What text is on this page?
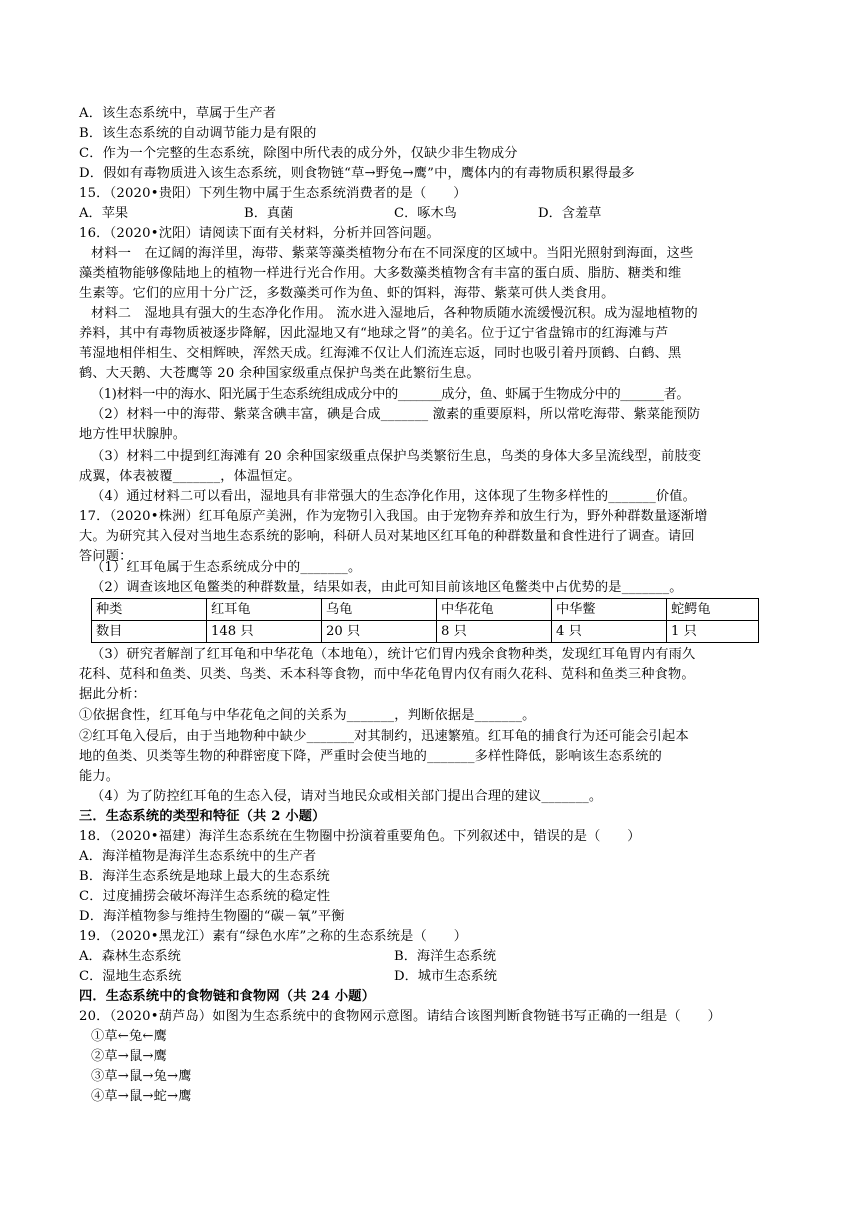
A．该生态系统中，草属于生产者
B．该生态系统的自动调节能力是有限的
C．作为一个完整的生态系统，除图中所代表的成分外，仅缺少非生物成分
D．假如有毒物质进入该生态系统，则食物链“草→野兔→鹰”中，鹰体内的有毒物质积累得最多
15．（2020•贵阳）下列生物中属于生态系统消费者的是（　　）
A．苹果	B．真菌	C．啄木鸟	D．含羞草
16．（2020•沈阳）请阅读下面有关材料，分析并回答问题。
材料一　在辽阔的海洋里，海带、紫菜等藻类植物分布在不同深度的区域中。当阳光照射到海面，这些
藻类植物能够像陆地上的植物一样进行光合作用。大多数藻类植物含有丰富的蛋白质、脂肪、糖类和维
生素等。它们的应用十分广泛，多数藻类可作为鱼、虾的饵料，海带、紫菜可供人类食用。
材料二　湿地具有强大的生态净化作用。 流水进入湿地后，各种物质随水流缓慢沉积。成为湿地植物的
养料，其中有毒物质被逐步降解，因此湿地又有“地球之肾”的美名。位于辽宁省盘锦市的红海滩与芦
苇湿地相伴相生、交相辉映，浑然天成。红海滩不仅让人们流连忘返，同时也吸引着丹顶鹤、白鹤、黑
鹤、大天鹅、大苍鹰等 20 余种国家级重点保护鸟类在此繁衍生息。
（1)材料一中的海水、阳光属于生态系统组成成分中的_______成分，鱼、虾属于生物成分中的_______者。
（2）材料一中的海带、紫菜含碘丰富，碘是合成_______ 激素的重要原料，所以常吃海带、紫菜能预防
地方性甲状腺肿。
（3）材料二中提到红海滩有 20 余种国家级重点保护鸟类繁衍生息，鸟类的身体大多呈流线型，前肢变
成翼，体表被覆_______，体温恒定。
（4）通过材料二可以看出，湿地具有非常强大的生态净化作用，这体现了生物多样性的_______价值。
17．（2020•株洲）红耳龟原产美洲，作为宠物引入我国。由于宠物弃养和放生行为，野外种群数量逐渐增
大。为研究其入侵对当地生态系统的影响，科研人员对某地区红耳龟的种群数量和食性进行了调查。请回
答问题：
（1）红耳龟属于生态系统成分中的_______。
（2）调查该地区龟鳖类的种群数量，结果如表，由此可知目前该地区龟鳖类中占优势的是_______。
种类	红耳龟	乌龟	中华花龟	中华鳖	蛇鳄龟
数目	148 只	20 只	8 只	4 只	1 只
（3）研究者解剖了红耳龟和中华花龟（本地龟），统计它们胃内残余食物种类，发现红耳龟胃内有雨久
花科、苋科和鱼类、贝类、鸟类、禾本科等食物，而中华花龟胃内仅有雨久花科、苋科和鱼类三种食物。
据此分析：
①依据食性，红耳龟与中华花龟之间的关系为_______，判断依据是_______。
②红耳龟入侵后，由于当地物种中缺少_______对其制约，迅速繁殖。红耳龟的捕食行为还可能会引起本
地的鱼类、贝类等生物的种群密度下降，严重时会使当地的_______多样性降低，影响该生态系统的
能力。
（4）为了防控红耳龟的生态入侵，请对当地民众或相关部门提出合理的建议_______。
三．生态系统的类型和特征（共 2 小题）
18．（2020•福建）海洋生态系统在生物圈中扮演着重要角色。下列叙述中，错误的是（　　）
A．海洋植物是海洋生态系统中的生产者
B．海洋生态系统是地球上最大的生态系统
C．过度捕捞会破坏海洋生态系统的稳定性
D．海洋植物参与维持生物圈的“碳－氧”平衡
19．（2020•黑龙江）素有“绿色水库”之称的生态系统是（　　）
A．森林生态系统	B．海洋生态系统
C．湿地生态系统	D．城市生态系统
四．生态系统中的食物链和食物网（共 24 小题）
20．（2020•葫芦岛）如图为生态系统中的食物网示意图。请结合该图判断食物链书写正确的一组是（　　）
①草←兔←鹰
②草→鼠→鹰
③草→鼠→兔→鹰
④草→鼠→蛇→鹰
